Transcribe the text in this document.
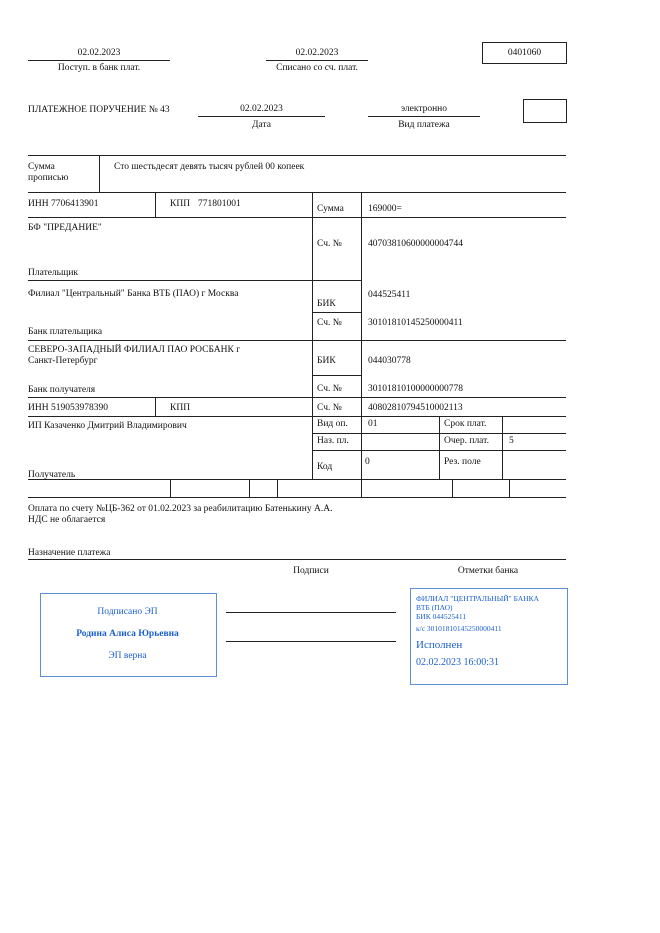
02.02.2023
Поступ. в банк плат.
02.02.2023
Списано со сч. плат.
0401060
ПЛАТЕЖНОЕ ПОРУЧЕНИЕ № 43	02.02.2023
Дата
электронно
Вид платежа
Сумма
прописью
Сто шестьдесят девять тысяч рублей 00 копеек
ИНН 7706413901	КПП 771801001	Сумма	169000=
БФ "ПРЕДАНИЕ"
Сч. №	40703810600000004744
Плательщик
Филиал "Центральный" Банка ВТБ (ПАО) г Москва
БИК
044525411
Сч. №	30101810145250000411
Банк плательщика
СЕВЕРО-ЗАПАДНЫЙ ФИЛИАЛ ПАО РОСБАНК г
Санкт-Петербург	БИК	044030778
Сч. №	30101810100000000778
Банк получателя
ИНН 519053978390	КПП	Сч. №	40802810794510002113
ИП Казаченко Дмитрий Владимирович	Вид оп. 01	Срок плат.
Наз. пл.	Очер. плат. 5
Код	0	Рез. поле
Получатель
Оплата по счету №ЦБ-362 от 01.02.2023 за реабилитацию Батенькину А.А.
НДС не облагается
Назначение платежа
Подписи	Отметки банка
Подписано ЭП
Родина Алиса Юрьевна
ЭП верна
ФИЛИАЛ "ЦЕНТРАЛЬНЫЙ" БАНКА
ВТБ (ПАО)
БИК 044525411
к/с 30101810145250000411
Исполнен
02.02.2023 16:00:31
